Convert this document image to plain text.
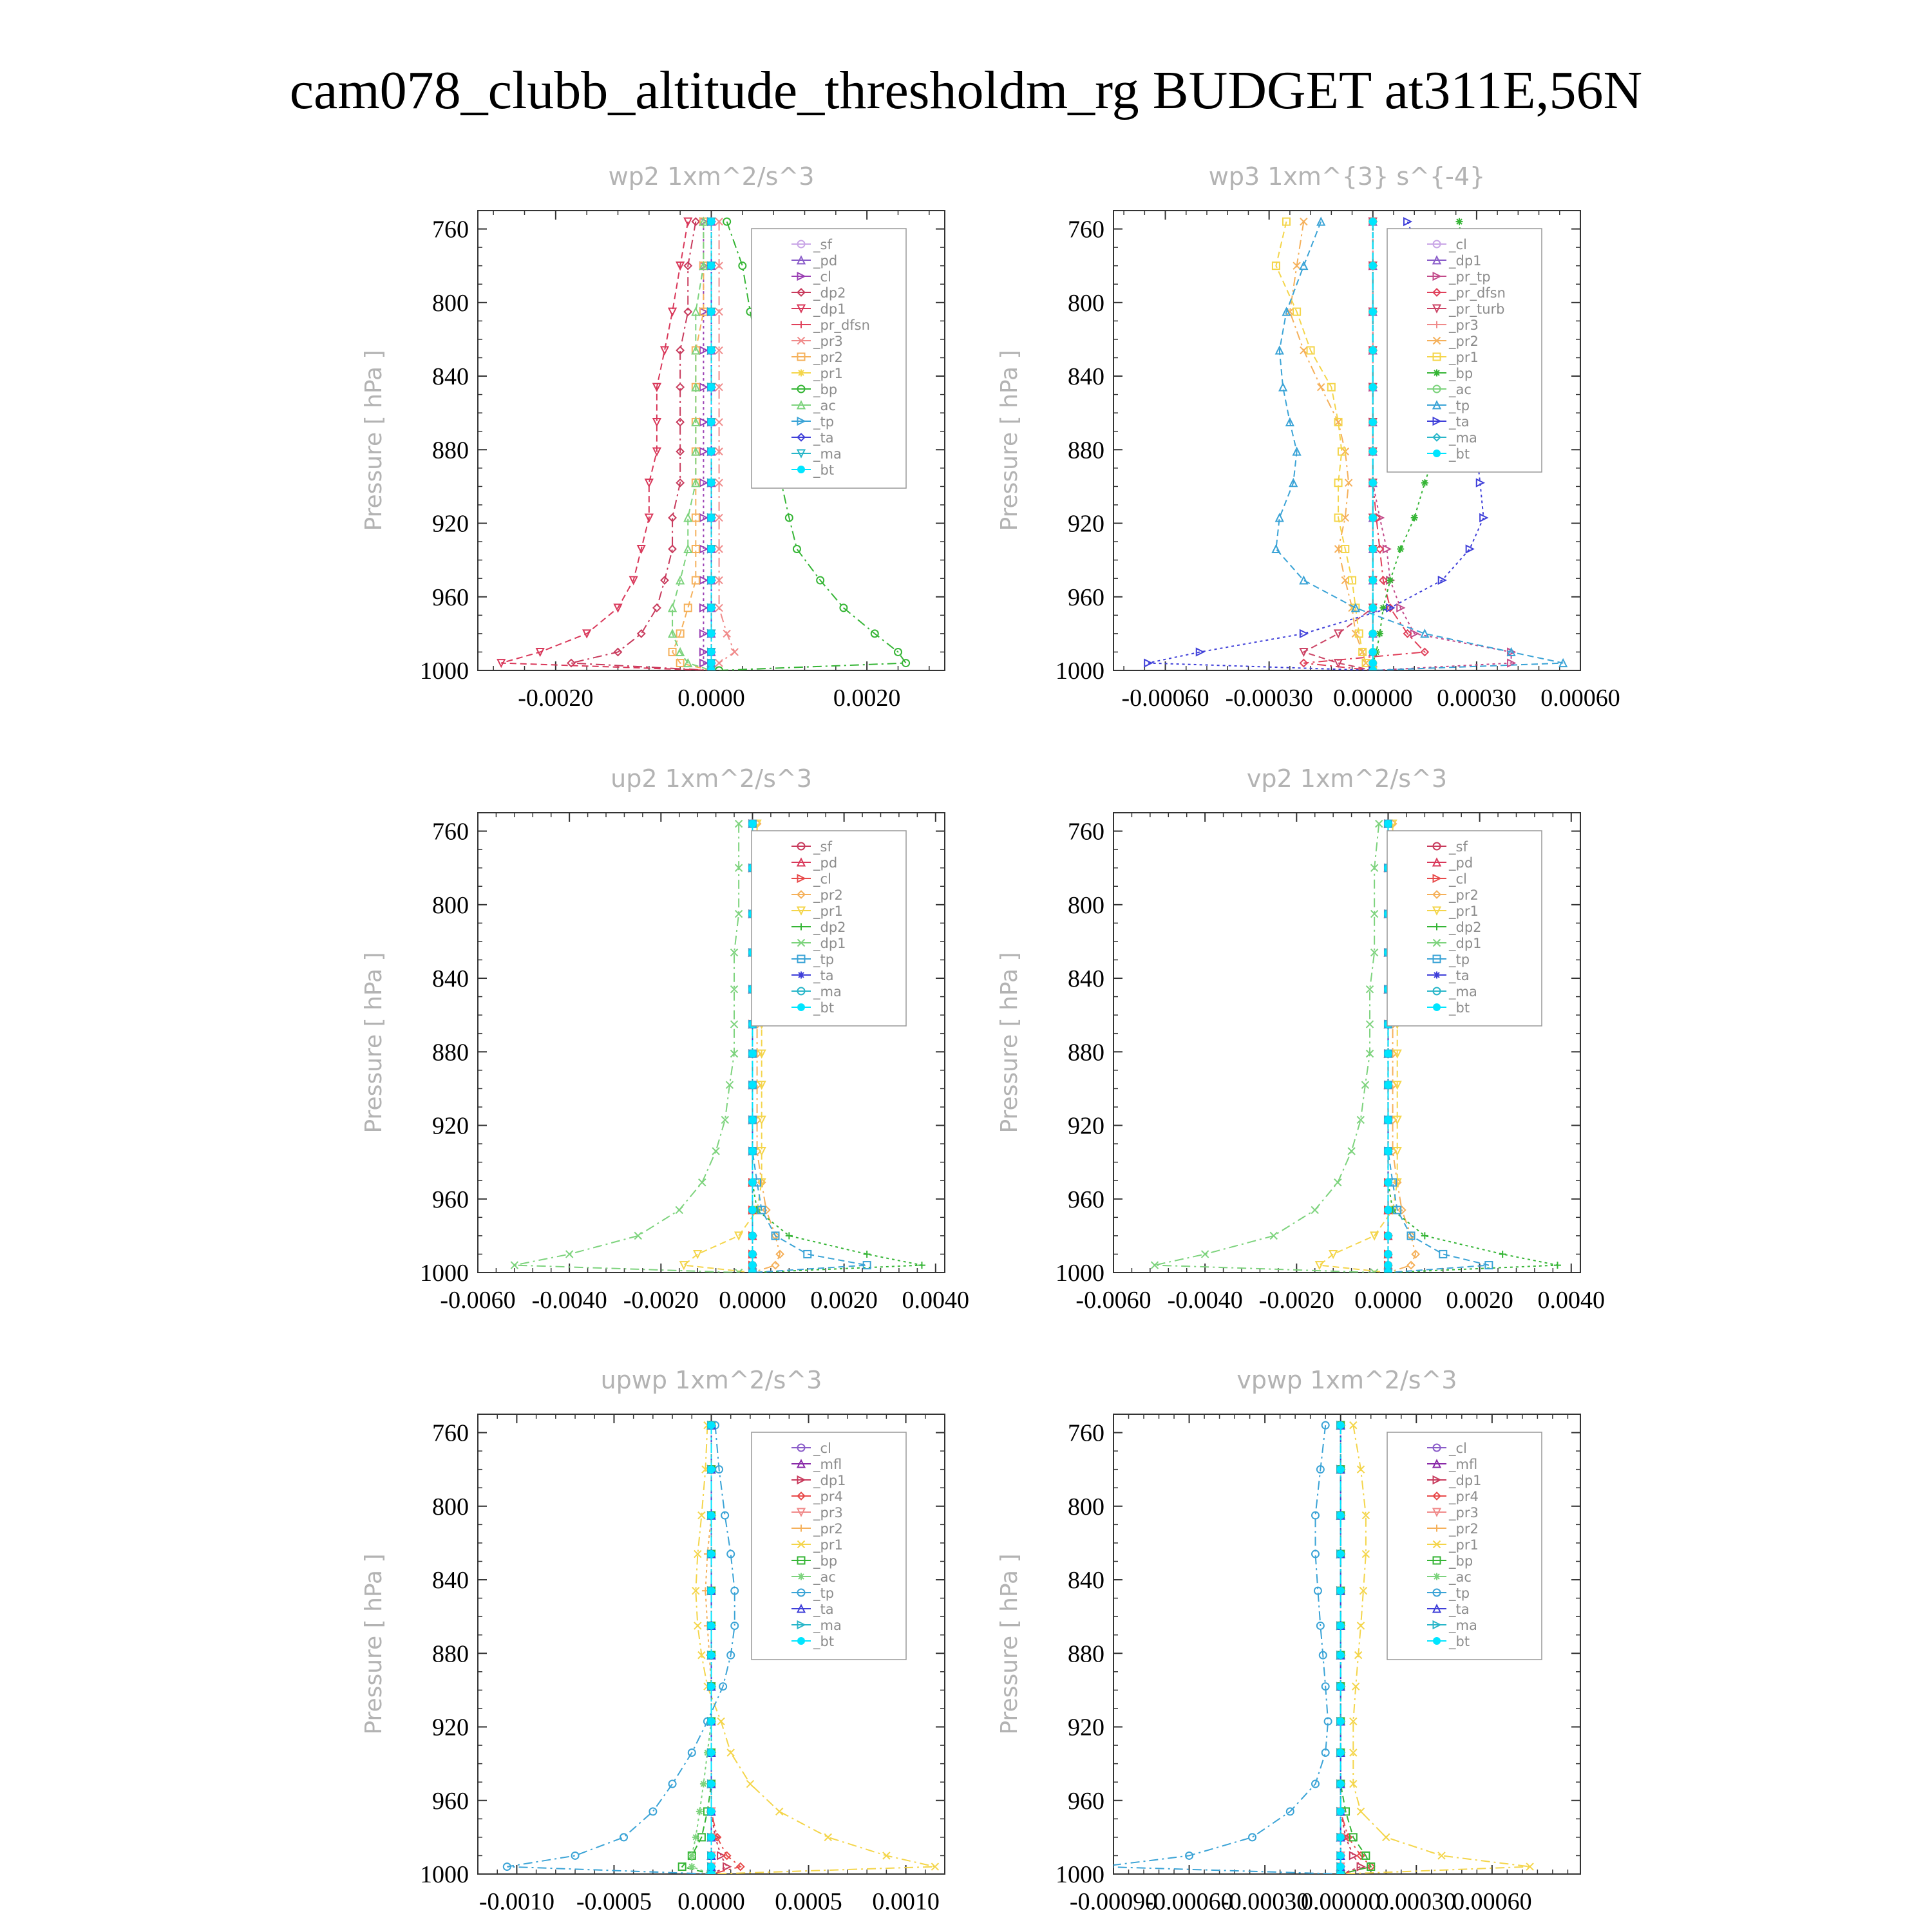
cam078_clubb_altitude_thresholdm_rg BUDGET at311E,56N
wp2 1xm^2/s^3
Pressure [ hPa ]
760
800
840
880
920
960
1000
-0.0020	0.0000	0.0020
_sf
_pd
_cl
_dp2
_dp1
_pr_dfsn
_pr3
_pr2
_pr1
_bp
_ac
_tp
_ta
_ma
_bt
wp3 1xm^{3} s^{-4}
Pressure [ hPa ]
760
800
840
880
920
960
1000
-0.00060 -0.00030 0.00000 0.00030 0.00060
_cl
_dp1
_pr_tp
_pr_dfsn
_pr_turb
_pr3
_pr2
_pr1
_bp
_ac
_tp
_ta
_ma
_bt
up2 1xm^2/s^3
Pressure [ hPa ]
760
800
840
880
920
960
1000
-0.0060 -0.0040 -0.0020 0.0000 0.0020 0.0040
_sf
_pd
_cl
_pr2
_pr1
_dp2
_dp1
_tp
_ta
_ma
_bt
vp2 1xm^2/s^3
Pressure [ hPa ]
760
800
840
880
920
960
1000
-0.0060 -0.0040 -0.0020 0.0000 0.0020 0.0040
_sf
_pd
_cl
_pr2
_pr1
_dp2
_dp1
_tp
_ta
_ma
_bt
upwp 1xm^2/s^3
Pressure [ hPa ]
760
800
840
880
920
960
1000
-0.0010 -0.0005 0.0000 0.0005 0.0010
_cl
_mfl
_dp1
_pr4
_pr3
_pr2
_pr1
_bp
_ac
_tp
_ta
_ma
_bt
vpwp 1xm^2/s^3
Pressure [ hPa ]
760
800
840
880
920
960
1000
-0.00090
-0.00060
-0.00030
0.00000
0.00030
0.00060
_cl
_mfl
_dp1
_pr4
_pr3
_pr2
_pr1
_bp
_ac
_tp
_ta
_ma
_bt
